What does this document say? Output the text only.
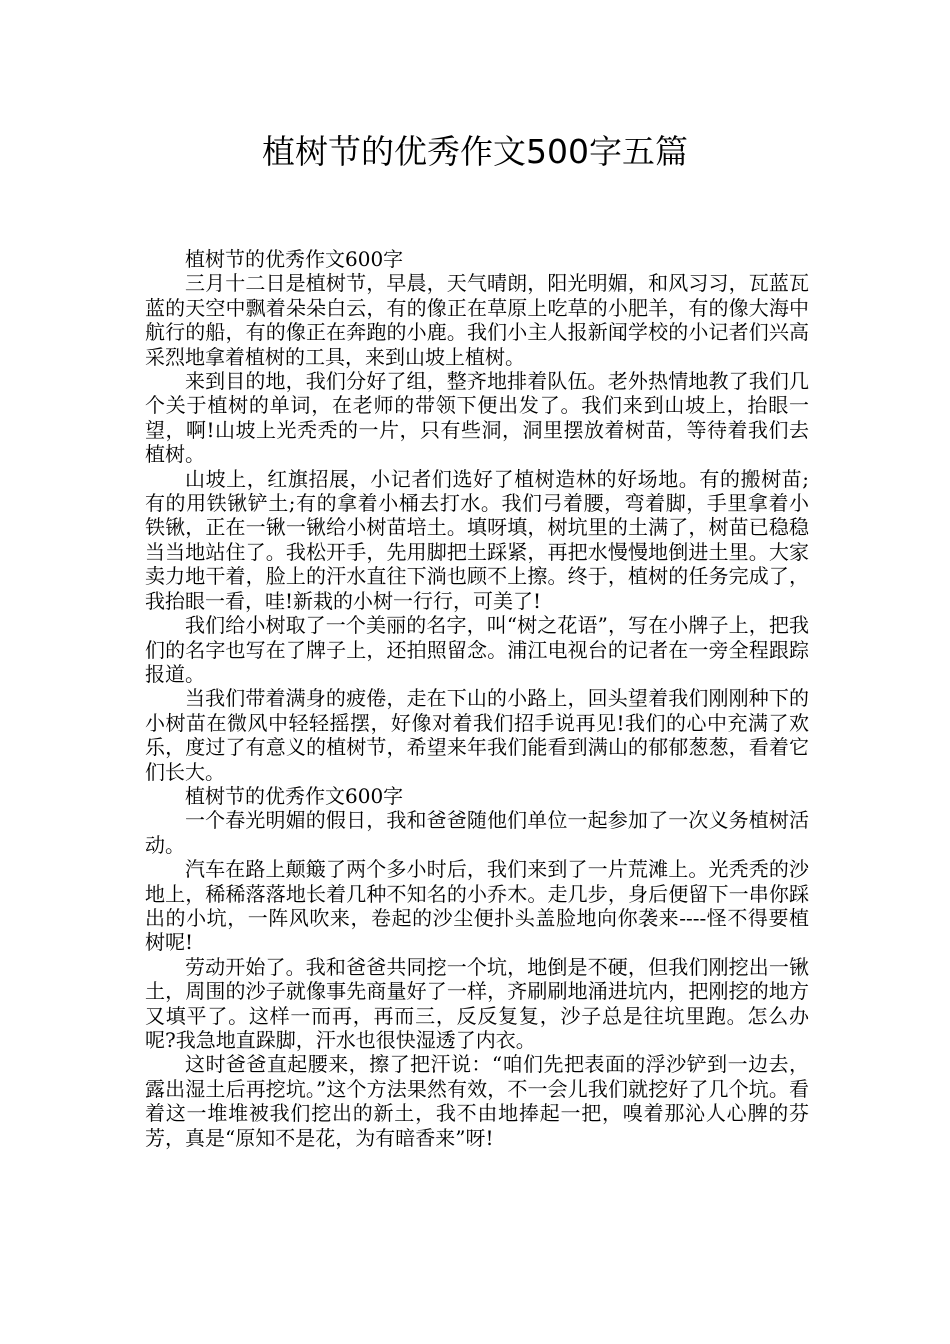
植树节的优秀作文500字五篇

植树节的优秀作文600字

三月十二日是植树节，早晨，天气晴朗，阳光明媚，和风习习，瓦蓝瓦蓝的天空中飘着朵朵白云，有的像正在草原上吃草的小肥羊，有的像大海中航行的船，有的像正在奔跑的小鹿。我们小主人报新闻学校的小记者们兴高采烈地拿着植树的工具，来到山坡上植树。

来到目的地，我们分好了组，整齐地排着队伍。老外热情地教了我们几个关于植树的单词，在老师的带领下便出发了。我们来到山坡上，抬眼一望，啊!山坡上光秃秃的一片，只有些洞，洞里摆放着树苗，等待着我们去植树。

山坡上，红旗招展，小记者们选好了植树造林的好场地。有的搬树苗;有的用铁锹铲土;有的拿着小桶去打水。我们弓着腰，弯着脚，手里拿着小铁锹，正在一锹一锹给小树苗培土。填呀填，树坑里的土满了，树苗已稳稳当当地站住了。我松开手，先用脚把土踩紧，再把水慢慢地倒进土里。大家卖力地干着，脸上的汗水直往下淌也顾不上擦。终于，植树的任务完成了，我抬眼一看，哇!新栽的小树一行行，可美了!

我们给小树取了一个美丽的名字，叫“树之花语”，写在小牌子上，把我们的名字也写在了牌子上，还拍照留念。浦江电视台的记者在一旁全程跟踪报道。

当我们带着满身的疲倦，走在下山的小路上，回头望着我们刚刚种下的小树苗在微风中轻轻摇摆，好像对着我们招手说再见!我们的心中充满了欢乐，度过了有意义的植树节，希望来年我们能看到满山的郁郁葱葱，看着它们长大。

植树节的优秀作文600字

一个春光明媚的假日，我和爸爸随他们单位一起参加了一次义务植树活动。

汽车在路上颠簸了两个多小时后，我们来到了一片荒滩上。光秃秃的沙地上，稀稀落落地长着几种不知名的小乔木。走几步，身后便留下一串你踩出的小坑，一阵风吹来，卷起的沙尘便扑头盖脸地向你袭来----怪不得要植树呢!

劳动开始了。我和爸爸共同挖一个坑，地倒是不硬，但我们刚挖出一锹土，周围的沙子就像事先商量好了一样，齐刷刷地涌进坑内，把刚挖的地方又填平了。这样一而再，再而三，反反复复，沙子总是往坑里跑。怎么办呢?我急地直跺脚，汗水也很快湿透了内衣。

这时爸爸直起腰来，擦了把汗说：“咱们先把表面的浮沙铲到一边去，露出湿土后再挖坑。”这个方法果然有效，不一会儿我们就挖好了几个坑。看着这一堆堆被我们挖出的新土，我不由地捧起一把，嗅着那沁人心脾的芬芳，真是“原知不是花，为有暗香来”呀!
